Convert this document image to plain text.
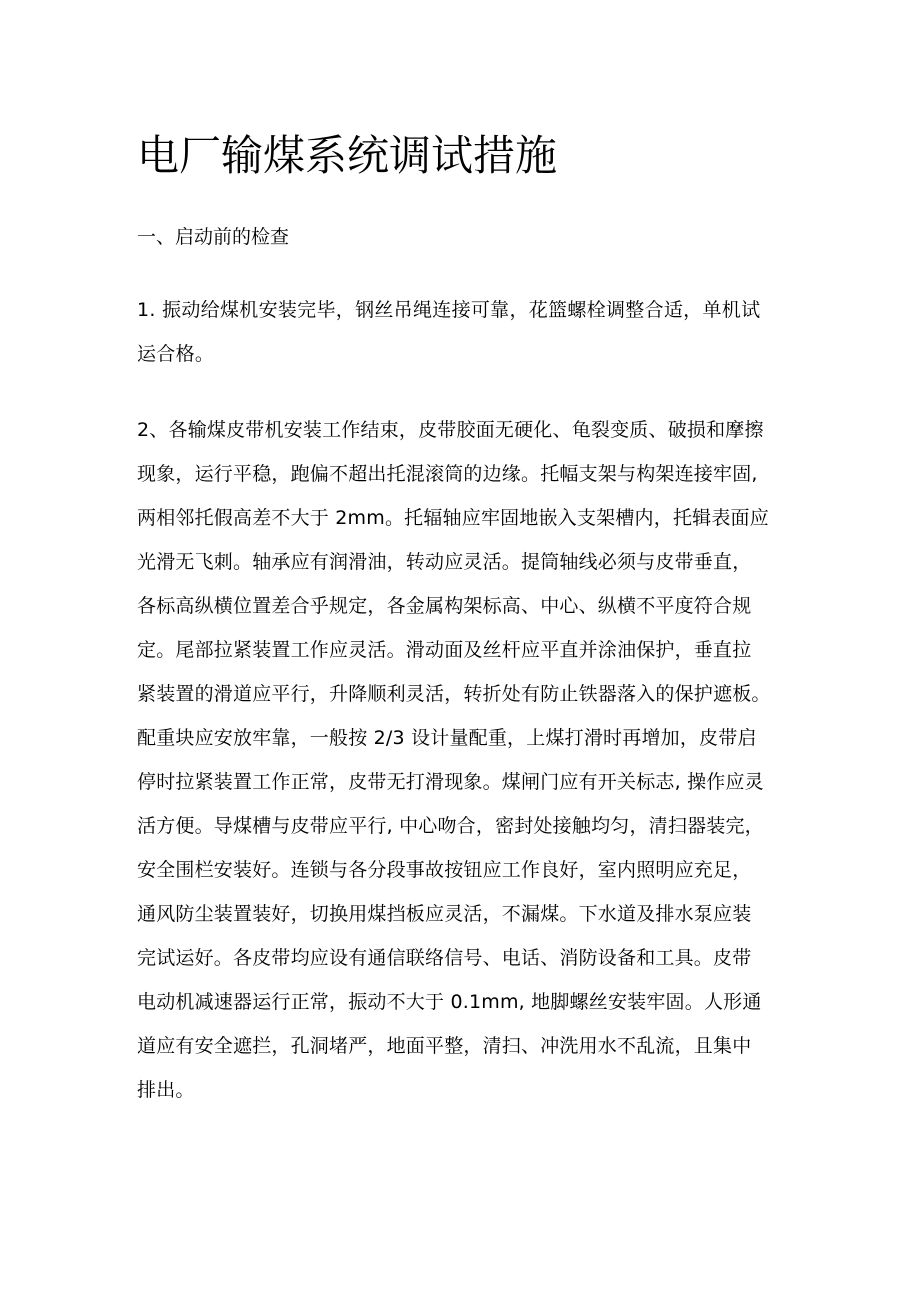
电厂输煤系统调试措施
一、启动前的检查
1. 振动给煤机安装完毕，钢丝吊绳连接可靠，花篮螺栓调整合适，单机试
运合格。
2、各输煤皮带机安装工作结束，皮带胶面无硬化、龟裂变质、破损和摩擦
现象，运行平稳，跑偏不超出托混滚筒的边缘。托幅支架与构架连接牢固,
两相邻托假高差不大于 2mm。托辐轴应牢固地嵌入支架槽内，托辑表面应
光滑无飞刺。轴承应有润滑油，转动应灵活。提筒轴线必须与皮带垂直，
各标高纵横位置差合乎规定，各金属构架标高、中心、纵横不平度符合规
定。尾部拉紧装置工作应灵活。滑动面及丝杆应平直并涂油保护，垂直拉
紧装置的滑道应平行，升降顺利灵活，转折处有防止铁器落入的保护遮板。
配重块应安放牢靠，一般按 2/3 设计量配重，上煤打滑时再增加，皮带启
停时拉紧装置工作正常，皮带无打滑现象。煤闸门应有开关标志, 操作应灵
活方便。导煤槽与皮带应平行, 中心吻合，密封处接触均匀，清扫器装完，
安全围栏安装好。连锁与各分段事故按钮应工作良好，室内照明应充足，
通风防尘装置装好，切换用煤挡板应灵活，不漏煤。下水道及排水泵应装
完试运好。各皮带均应设有通信联络信号、电话、消防设备和工具。皮带
电动机减速器运行正常，振动不大于 0.1mm, 地脚螺丝安装牢固。人形通
道应有安全遮拦，孔洞堵严，地面平整，清扫、冲洗用水不乱流，且集中
排出。
